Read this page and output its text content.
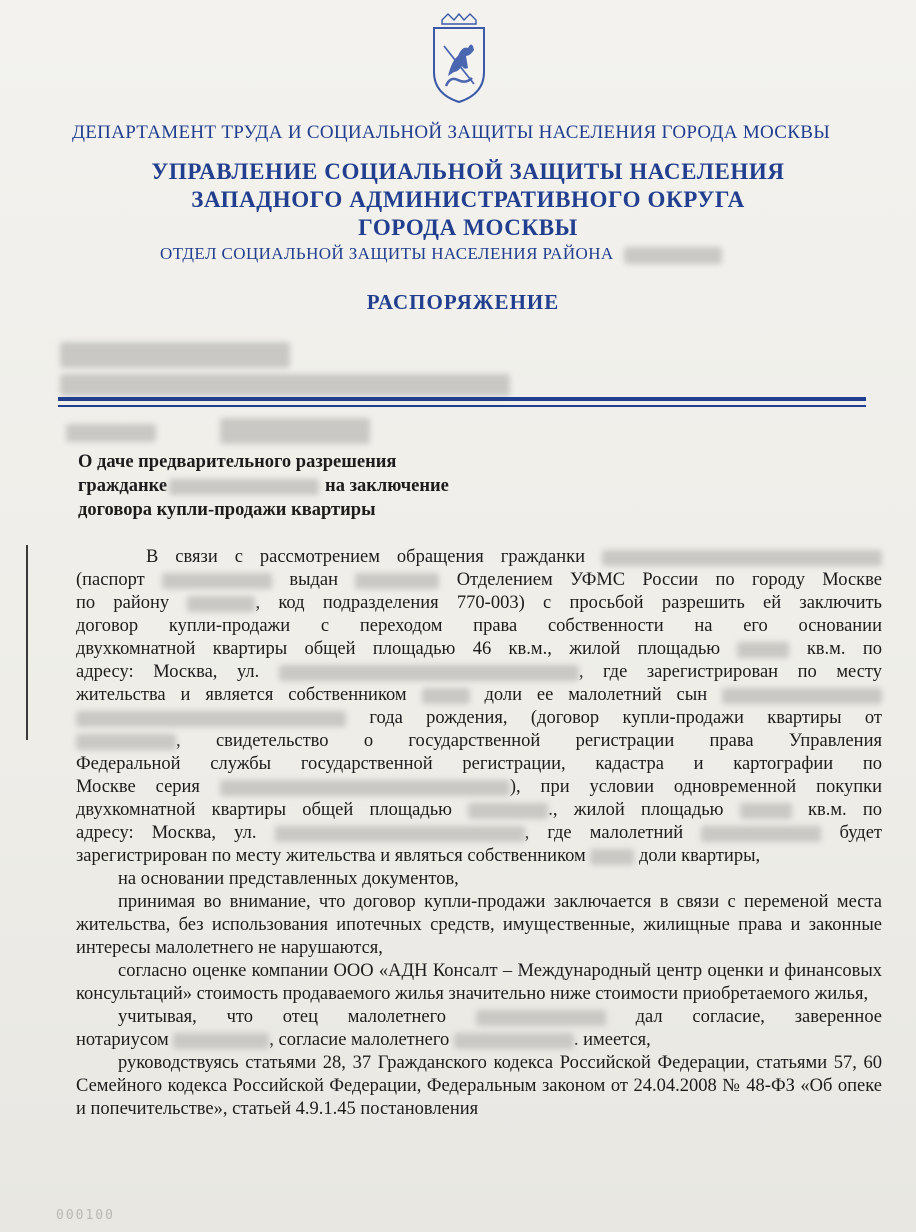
ДЕПАРТАМЕНТ ТРУДА И СОЦИАЛЬНОЙ ЗАЩИТЫ НАСЕЛЕНИЯ ГОРОДА МОСКВЫ
УПРАВЛЕНИЕ СОЦИАЛЬНОЙ ЗАЩИТЫ НАСЕЛЕНИЯ
ЗАПАДНОГО АДМИНИСТРАТИВНОГО ОКРУГА
ГОРОДА МОСКВЫ
ОТДЕЛ СОЦИАЛЬНОЙ ЗАЩИТЫ НАСЕЛЕНИЯ РАЙОНА
РАСПОРЯЖЕНИЕ
О даче предварительного разрешения
гражданке	на заключение
договора купли-продажи квартиры

В связи с рассмотрением обращения гражданки

(паспорт	выдан	Отделением УФМС России по городу Москве

по району	, код подразделения 770-003) с просьбой разрешить ей заключить

договор купли-продажи с переходом права собственности на его основании

двухкомнатной квартиры общей площадью 46 кв.м., жилой площадью	кв.м. по

адресу: Москва, ул.	, где зарегистрирован по месту

жительства и является собственником	доли ее малолетний сын

года рождения, (договор купли-продажи квартиры от

, свидетельство о государственной регистрации права Управления

Федеральной службы государственной регистрации, кадастра и картографии по

Москве серия	), при условии одновременной покупки

двухкомнатной квартиры общей площадью	., жилой площадью	кв.м. по

адресу: Москва, ул.	, где малолетний	будет

зарегистрирован по месту жительства и являться собственником	доли квартиры,

на основании представленных документов,

принимая во внимание, что договор купли-продажи заключается в связи с переменой места жительства, без использования ипотечных средств, имущественные, жилищные права и законные интересы малолетнего не нарушаются,

согласно оценке компании ООО «АДН Консалт – Международный центр оценки и финансовых консультаций» стоимость продаваемого жилья значительно ниже стоимости приобретаемого жилья,

учитывая, что отец малолетнего	дал согласие, заверенное

нотариусом	, согласие малолетнего	. имеется,

руководствуясь статьями 28, 37 Гражданского кодекса Российской Федерации, статьями 57, 60 Семейного кодекса Российской Федерации, Федеральным законом от 24.04.2008 № 48-ФЗ «Об опеке и попечительстве», статьей 4.9.1.45 постановления

000100
